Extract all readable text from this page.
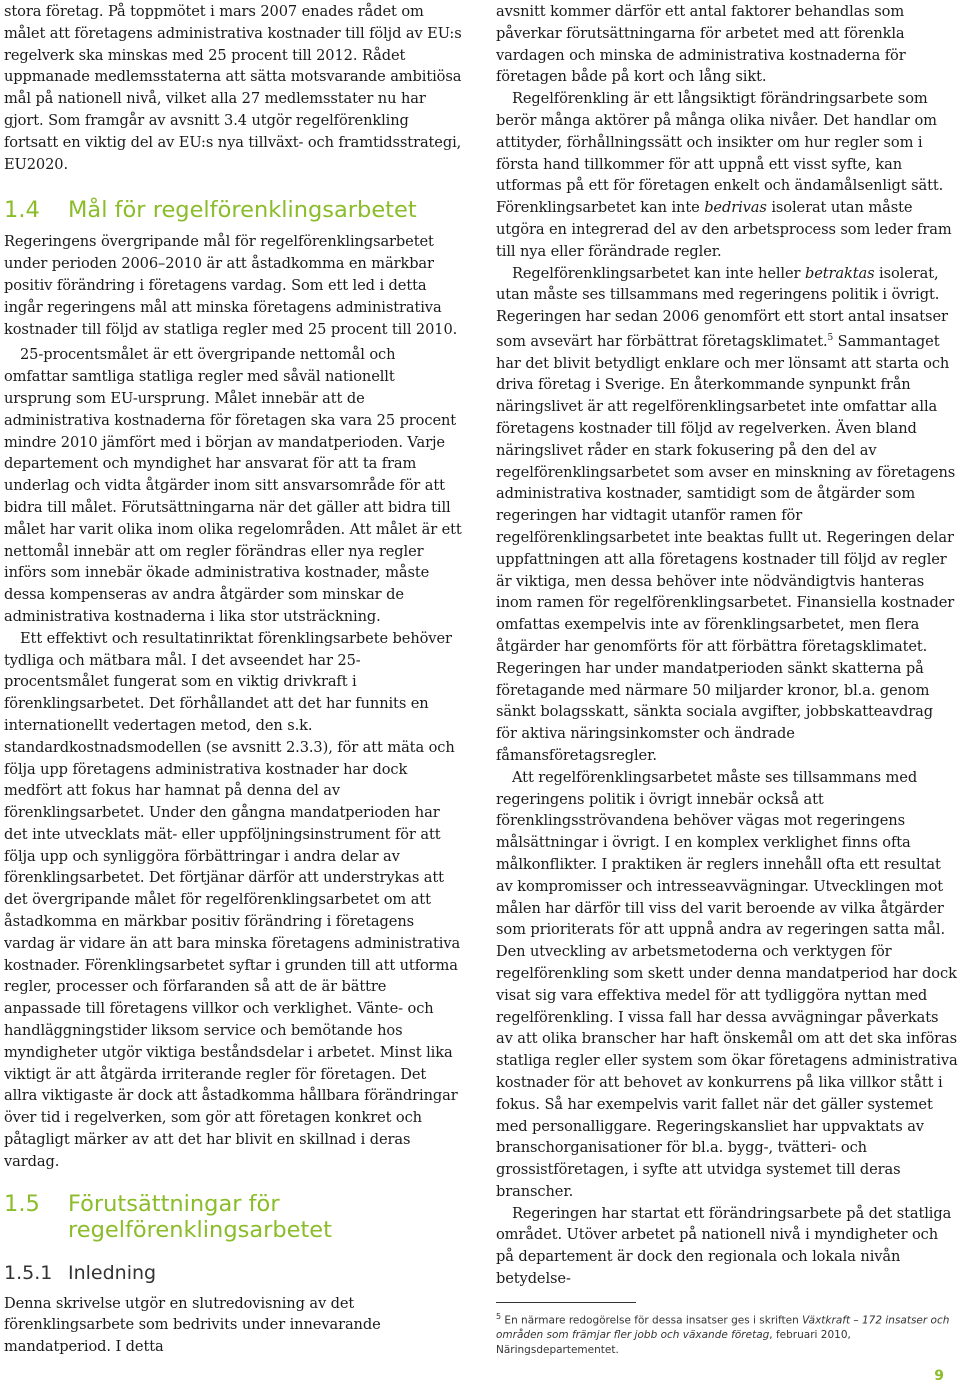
stora företag. På toppmötet i mars 2007 enades rådet om målet att företagens administrativa kostnader till följd av EU:s regelverk ska minskas med 25 procent till 2012. Rådet uppmanade medlemsstaterna att sätta motsvarande ambitiösa mål på nationell nivå, vilket alla 27 medlemsstater nu har gjort. Som framgår av avsnitt 3.4 utgör regelförenkling fortsatt en viktig del av EU:s nya tillväxt- och framtidsstrategi, EU2020.

1.4	Mål för regelförenklingsarbetet

Regeringens övergripande mål för regelförenklingsarbetet under perioden 2006–2010 är att åstadkomma en märkbar positiv förändring i företagens vardag. Som ett led i detta ingår regeringens mål att minska företagens administrativa kostnader till följd av statliga regler med 25 procent till 2010.

25-procentsmålet är ett övergripande nettomål och omfattar samtliga statliga regler med såväl nationellt ursprung som EU-ursprung. Målet innebär att de administrativa kostnaderna för företagen ska vara 25 procent mindre 2010 jämfört med i början av mandatperioden. Varje departement och myndighet har ansvarat för att ta fram underlag och vidta åtgärder inom sitt ansvarsområde för att bidra till målet. Förutsättningarna när det gäller att bidra till målet har varit olika inom olika regelområden. Att målet är ett nettomål innebär att om regler förändras eller nya regler införs som innebär ökade administrativa kostnader, måste dessa kompenseras av andra åtgärder som minskar de administrativa kostnaderna i lika stor utsträckning.

Ett effektivt och resultatinriktat förenklingsarbete behöver tydliga och mätbara mål. I det avseendet har 25-procentsmålet fungerat som en viktig drivkraft i förenklingsarbetet. Det förhållandet att det har funnits en internationellt vedertagen metod, den s.k. standardkostnadsmodellen (se avsnitt 2.3.3), för att mäta och följa upp företagens administrativa kostnader har dock medfört att fokus har hamnat på denna del av förenklingsarbetet. Under den gångna mandatperioden har det inte utvecklats mät- eller uppföljningsinstrument för att följa upp och synliggöra förbättringar i andra delar av förenklingsarbetet. Det förtjänar därför att understrykas att det övergripande målet för regelförenklingsarbetet om att åstadkomma en märkbar positiv förändring i företagens vardag är vidare än att bara minska företagens administrativa kostnader. Förenklingsarbetet syftar i grunden till att utforma regler, processer och förfaranden så att de är bättre anpassade till företagens villkor och verklighet. Vänte- och handläggningstider liksom service och bemötande hos myndigheter utgör viktiga beståndsdelar i arbetet. Minst lika viktigt är att åtgärda irriterande regler för företagen. Det allra viktigaste är dock att åstadkomma hållbara förändringar över tid i regelverken, som gör att företagen konkret och påtagligt märker av att det har blivit en skillnad i deras vardag.

1.5	Förutsättningar för regelförenklingsarbetet
1.5.1 Inledning

Denna skrivelse utgör en slutredovisning av det förenklingsarbete som bedrivits under innevarande mandatperiod. I detta

avsnitt kommer därför ett antal faktorer behandlas som påverkar förutsättningarna för arbetet med att förenkla vardagen och minska de administrativa kostnaderna för företagen både på kort och lång sikt.

Regelförenkling är ett långsiktigt förändringsarbete som berör många aktörer på många olika nivåer. Det handlar om attityder, förhållningssätt och insikter om hur regler som i första hand tillkommer för att uppnå ett visst syfte, kan utformas på ett för företagen enkelt och ändamålsenligt sätt. Förenklingsarbetet kan inte bedrivas isolerat utan måste utgöra en integrerad del av den arbetsprocess som leder fram till nya eller förändrade regler.

Regelförenklingsarbetet kan inte heller betraktas isolerat, utan måste ses tillsammans med regeringens politik i övrigt. Regeringen har sedan 2006 genomfört ett stort antal insatser som avsevärt har förbättrat företagsklimatet.$^5$ Sammantaget har det blivit betydligt enklare och mer lönsamt att starta och driva företag i Sverige. En återkommande synpunkt från näringslivet är att regelförenklingsarbetet inte omfattar alla företagens kostnader till följd av regelverken. Även bland näringslivet råder en stark fokusering på den del av regelförenklingsarbetet som avser en minskning av företagens administrativa kostnader, samtidigt som de åtgärder som regeringen har vidtagit utanför ramen för regelförenklingsarbetet inte beaktas fullt ut. Regeringen delar uppfattningen att alla företagens kostnader till följd av regler är viktiga, men dessa behöver inte nödvändigtvis hanteras inom ramen för regelförenklingsarbetet. Finansiella kostnader omfattas exempelvis inte av förenklingsarbetet, men flera åtgärder har genomförts för att förbättra företagsklimatet. Regeringen har under mandatperioden sänkt skatterna på företagande med närmare 50 miljarder kronor, bl.a. genom sänkt bolagsskatt, sänkta sociala avgifter, jobbskatteavdrag för aktiva näringsinkomster och ändrade fåmansföretagsregler.

Att regelförenklingsarbetet måste ses tillsammans med regeringens politik i övrigt innebär också att förenklingsströvandena behöver vägas mot regeringens målsättningar i övrigt. I en komplex verklighet finns ofta målkonflikter. I praktiken är reglers innehåll ofta ett resultat av kompromisser och intresseavvägningar. Utvecklingen mot målen har därför till viss del varit beroende av vilka åtgärder som prioriterats för att uppnå andra av regeringen satta mål. Den utveckling av arbetsmetoderna och verktygen för regelförenkling som skett under denna mandatperiod har dock visat sig vara effektiva medel för att tydliggöra nyttan med regelförenkling. I vissa fall har dessa avvägningar påverkats av att olika branscher har haft önskemål om att det ska införas statliga regler eller system som ökar företagens administrativa kostnader för att behovet av konkurrens på lika villkor stått i fokus. Så har exempelvis varit fallet när det gäller systemet med personalliggare. Regeringskansliet har uppvaktats av branschorganisationer för bl.a. bygg-, tvätteri- och grossistföretagen, i syfte att utvidga systemet till deras branscher.

Regeringen har startat ett förändringsarbete på det statliga området. Utöver arbetet på nationell nivå i myndigheter och på departement är dock den regionala och lokala nivån betydelse-

$^5$ En närmare redogörelse för dessa insatser ges i skriften Växtkraft – 172 insatser och områden som främjar fler jobb och växande företag, februari 2010, Näringsdepartementet.

9
